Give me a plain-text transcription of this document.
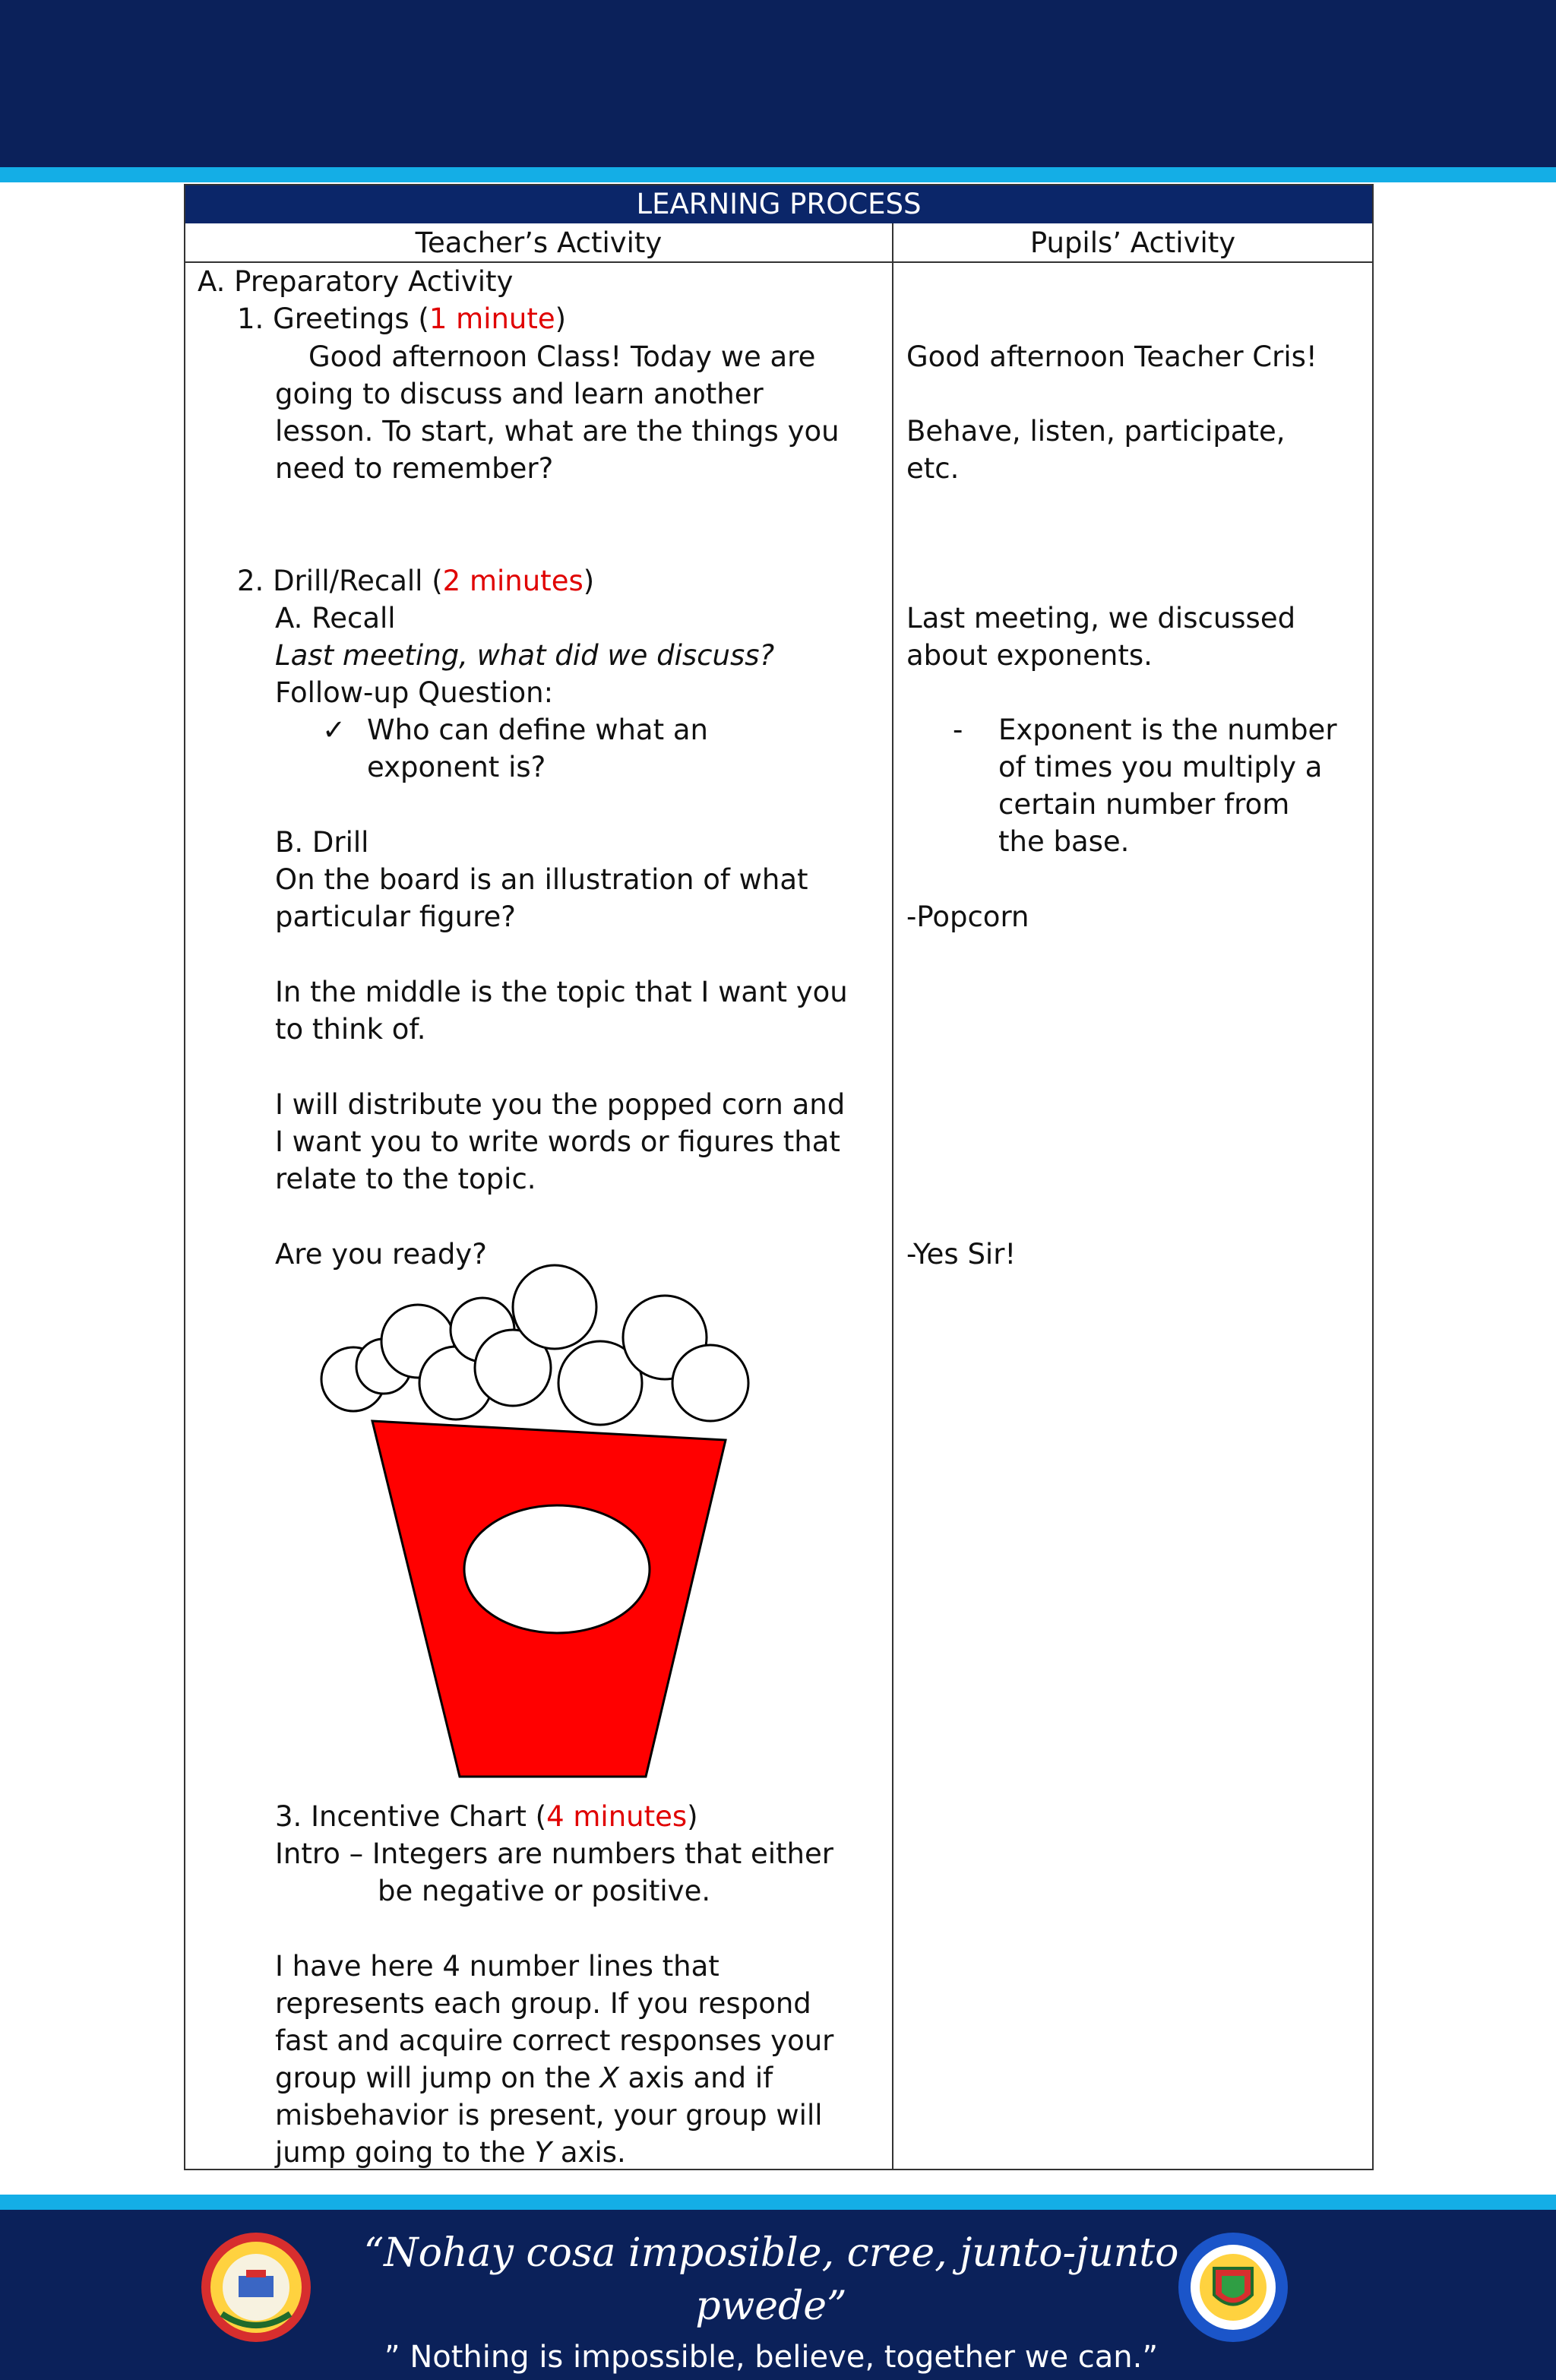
LEARNING PROCESS
Teacher’s Activity	Pupils’ Activity
A. Preparatory Activity
1. Greetings (1 minute)
Good afternoon Class! Today we are
going to discuss and learn another
lesson. To start, what are the things you
need to remember?
2. Drill/Recall (2 minutes)
A. Recall
Last meeting, what did we discuss?
Follow-up Question:
✓ Who can define what an
exponent is?
B. Drill
On the board is an illustration of what
particular figure?
In the middle is the topic that I want you
to think of.
I will distribute you the popped corn and
I want you to write words or figures that
relate to the topic.
Are you ready?
3. Incentive Chart (4 minutes)
Intro – Integers are numbers that either
be negative or positive.
I have here 4 number lines that
represents each group. If you respond
fast and acquire correct responses your
group will jump on the X axis and if
misbehavior is present, your group will
jump going to the Y axis.
Good afternoon Teacher Cris!
Behave, listen, participate,
etc.
Last meeting, we discussed
about exponents.
- Exponent is the number
of times you multiply a
certain number from
the base.
-Popcorn
-Yes Sir!
“Nohay cosa imposible, cree, junto-junto pwede”
” Nothing is impossible, believe, together we can.”
